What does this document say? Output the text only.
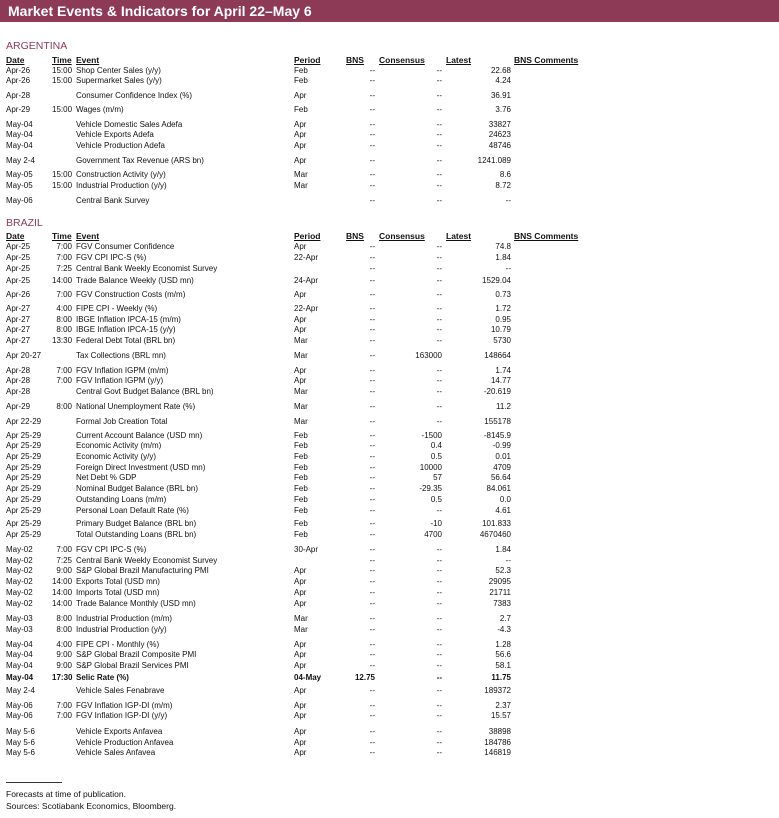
Market Events & Indicators for April 22–May 6
ARGENTINA
Date	Time Event	Period	BNS Consensus Latest	BNS Comments
Apr-26	15:00 Shop Center Sales (y/y)	Feb	--	--	22.68
Apr-26	15:00 Supermarket Sales (y/y)	Feb	--	--	4.24
Apr-28	Consumer Confidence Index (%)	Apr	--	--	36.91
Apr-29	15:00 Wages (m/m)	Feb	--	--	3.76
May-04	Vehicle Domestic Sales Adefa	Apr	--	--	33827
May-04	Vehicle Exports Adefa	Apr	--	--	24623
May-04	Vehicle Production Adefa	Apr	--	--	48746
May 2-4	Government Tax Revenue (ARS bn)	Apr	--	--	1241.089
May-05 15:00 Construction Activity (y/y)	Mar	--	--	8.6
May-05 15:00 Industrial Production (y/y)	Mar	--	--	8.72
May-06	Central Bank Survey	--	--	--
BRAZIL
Date	Time Event	Period	BNS Consensus Latest	BNS Comments
Apr-25	7:00 FGV Consumer Confidence	Apr	--	--	74.8
Apr-25	7:00 FGV CPI IPC-S (%)	22-Apr	--	--	1.84
Apr-25	7:25 Central Bank Weekly Economist Survey	--	--	--
Apr-25	14:00 Trade Balance Weekly (USD mn)	24-Apr	--	--	1529.04
Apr-26	7:00 FGV Construction Costs (m/m)	Apr	--	--	0.73
Apr-27	4:00 FIPE CPI - Weekly (%)	22-Apr	--	--	1.72
Apr-27	8:00 IBGE Inflation IPCA-15 (m/m)	Apr	--	--	0.95
Apr-27	8:00 IBGE Inflation IPCA-15 (y/y)	Apr	--	--	10.79
Apr-27	13:30 Federal Debt Total (BRL bn)	Mar	--	--	5730
Apr 20-27	Tax Collections (BRL mn)	Mar	--	163000	148664
Apr-28	7:00 FGV Inflation IGPM (m/m)	Apr	--	--	1.74
Apr-28	7:00 FGV Inflation IGPM (y/y)	Apr	--	--	14.77
Apr-28	Central Govt Budget Balance (BRL bn)	Mar	--	--	-20.619
Apr-29	8:00 National Unemployment Rate (%)	Mar	--	--	11.2
Apr 22-29	Formal Job Creation Total	Mar	--	--	155178
Apr 25-29	Current Account Balance (USD mn)	Feb	--	-1500	-8145.9
Apr 25-29	Economic Activity (m/m)	Feb	--	0.4	-0.99
Apr 25-29	Economic Activity (y/y)	Feb	--	0.5	0.01
Apr 25-29	Foreign Direct Investment (USD mn)	Feb	--	10000	4709
Apr 25-29	Net Debt % GDP	Feb	--	57	56.64
Apr 25-29	Nominal Budget Balance (BRL bn)	Feb	--	-29.35	84.061
Apr 25-29	Outstanding Loans (m/m)	Feb	--	0.5	0.0
Apr 25-29	Personal Loan Default Rate (%)	Feb	--	--	4.61
Apr 25-29	Primary Budget Balance (BRL bn)	Feb	--	-10	101.833
Apr 25-29	Total Outstanding Loans (BRL bn)	Feb	--	4700	4670460
May-02	7:00 FGV CPI IPC-S (%)	30-Apr	--	--	1.84
May-02	7:25 Central Bank Weekly Economist Survey	--	--	--
May-02	9:00 S&P Global Brazil Manufacturing PMI	Apr	--	--	52.3
May-02 14:00 Exports Total (USD mn)	Apr	--	--	29095
May-02 14:00 Imports Total (USD mn)	Apr	--	--	21711
May-02 14:00 Trade Balance Monthly (USD mn)	Apr	--	--	7383
May-03	8:00 Industrial Production (m/m)	Mar	--	--	2.7
May-03	8:00 Industrial Production (y/y)	Mar	--	--	-4.3
May-04	4:00 FIPE CPI - Monthly (%)	Apr	--	--	1.28
May-04	9:00 S&P Global Brazil Composite PMI	Apr	--	--	56.6
May-04	9:00 S&P Global Brazil Services PMI	Apr	--	--	58.1
May-04 17:30 Selic Rate (%)	04-May	12.75	--	11.75
May 2-4	Vehicle Sales Fenabrave	Apr	--	--	189372
May-06	7:00 FGV Inflation IGP-DI (m/m)	Apr	--	--	2.37
May-06	7:00 FGV Inflation IGP-DI (y/y)	Apr	--	--	15.57
May 5-6	Vehicle Exports Anfavea	Apr	--	--	38898
May 5-6	Vehicle Production Anfavea	Apr	--	--	184786
May 5-6	Vehicle Sales Anfavea	Apr	--	--	146819
Forecasts at time of publication.
Sources: Scotiabank Economics, Bloomberg.
